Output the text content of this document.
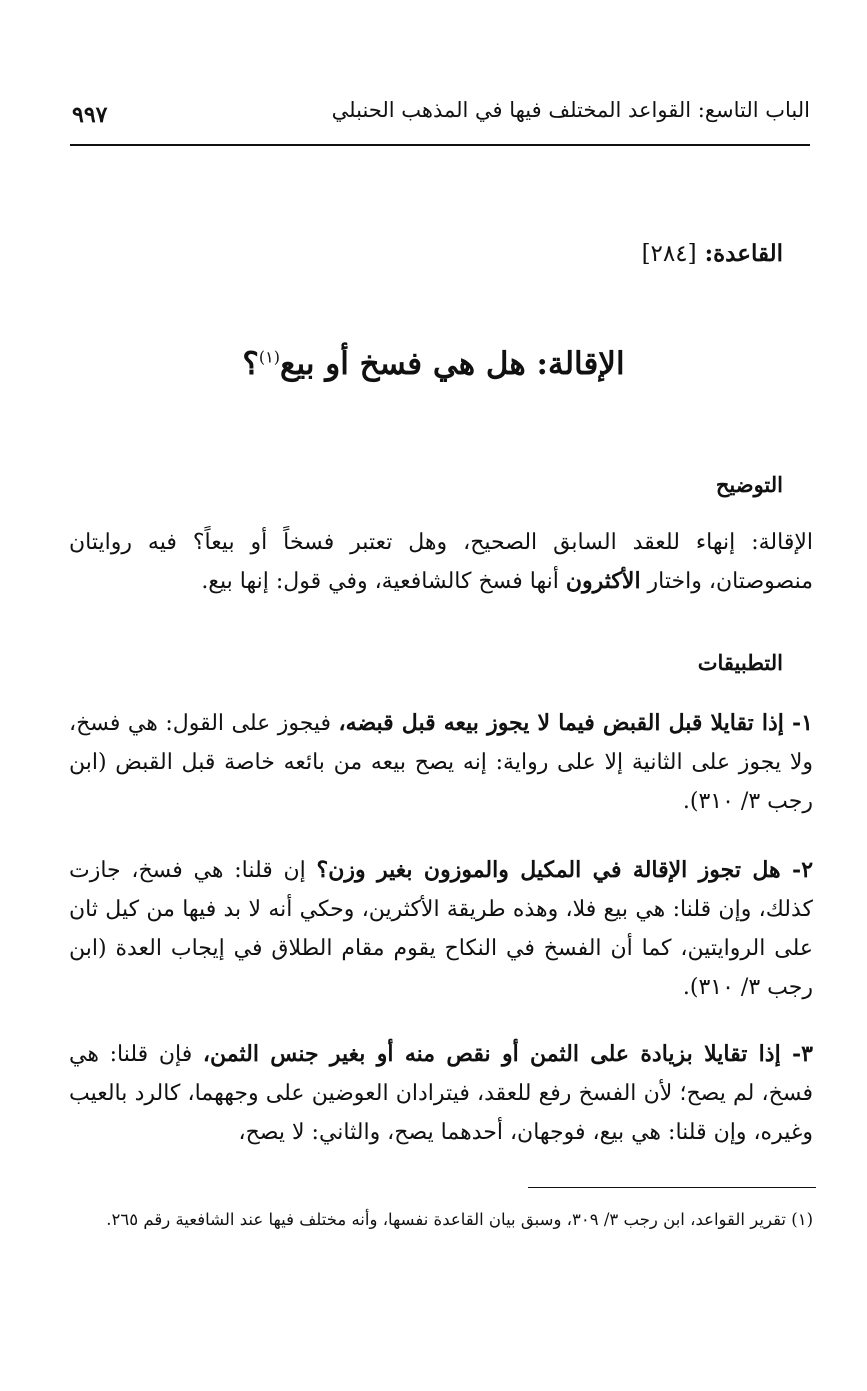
الباب التاسع: القواعد المختلف فيها في المذهب الحنبلي
٩٩٧
القاعدة: [٢٨٤]
الإقالة: هل هي فسخ أو بيع$^{(١)}$؟
التوضيح
الإقالة: إنهاء للعقد السابق الصحيح، وهل تعتبر فسخاً أو بيعاً؟ فيه روايتان منصوصتان، واختار الأكثرون أنها فسخ كالشافعية، وفي قول: إنها بيع.
التطبيقات
١- إذا تقايلا قبل القبض فيما لا يجوز بيعه قبل قبضه، فيجوز على القول: هي فسخ، ولا يجوز على الثانية إلا على رواية: إنه يصح بيعه من بائعه خاصة قبل القبض (ابن رجب ٣/ ٣١٠).
٢- هل تجوز الإقالة في المكيل والموزون بغير وزن؟ إن قلنا: هي فسخ، جازت كذلك، وإن قلنا: هي بيع فلا، وهذه طريقة الأكثرين، وحكي أنه لا بد فيها من كيل ثان على الروايتين، كما أن الفسخ في النكاح يقوم مقام الطلاق في إيجاب العدة (ابن رجب ٣/ ٣١٠).
٣- إذا تقايلا بزيادة على الثمن أو نقص منه أو بغير جنس الثمن، فإن قلنا: هي فسخ، لم يصح؛ لأن الفسخ رفع للعقد، فيترادان العوضين على وجههما، كالرد بالعيب وغيره، وإن قلنا: هي بيع، فوجهان، أحدهما يصح، والثاني: لا يصح،
(١) تقرير القواعد، ابن رجب ٣/ ٣٠٩، وسبق بيان القاعدة نفسها، وأنه مختلف فيها عند الشافعية رقم ٢٦٥.
